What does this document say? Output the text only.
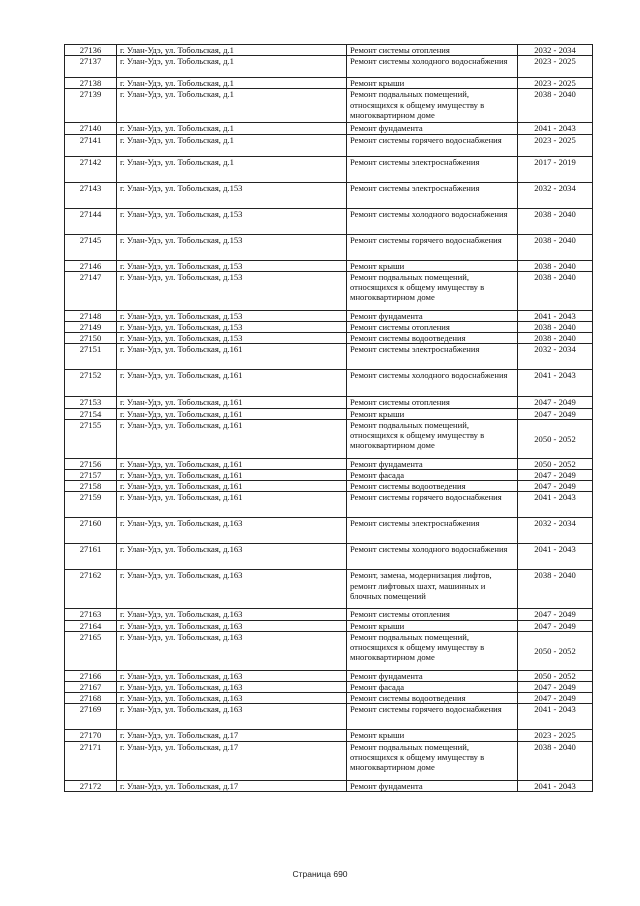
27136	г. Улан-Удэ, ул. Тобольская, д.1	Ремонт системы отопления	2032 - 2034
27137	г. Улан-Удэ, ул. Тобольская, д.1	Ремонт системы холодного водоснабжения	2023 - 2025
27138	г. Улан-Удэ, ул. Тобольская, д.1	Ремонт крыши	2023 - 2025
27139	г. Улан-Удэ, ул. Тобольская, д.1	Ремонт подвальных помещений, относящихся к общему имуществу в многоквартирном доме	2038 - 2040
27140	г. Улан-Удэ, ул. Тобольская, д.1	Ремонт фундамента	2041 - 2043
27141	г. Улан-Удэ, ул. Тобольская, д.1	Ремонт системы горячего водоснабжения	2023 - 2025
27142	г. Улан-Удэ, ул. Тобольская, д.1	Ремонт системы электроснабжения	2017 - 2019
27143	г. Улан-Удэ, ул. Тобольская, д.153	Ремонт системы электроснабжения	2032 - 2034
27144	г. Улан-Удэ, ул. Тобольская, д.153	Ремонт системы холодного водоснабжения	2038 - 2040
27145	г. Улан-Удэ, ул. Тобольская, д.153	Ремонт системы горячего водоснабжения	2038 - 2040
27146	г. Улан-Удэ, ул. Тобольская, д.153	Ремонт крыши	2038 - 2040
27147	г. Улан-Удэ, ул. Тобольская, д.153	Ремонт подвальных помещений, относящихся к общему имуществу в многоквартирном доме	2038 - 2040
27148	г. Улан-Удэ, ул. Тобольская, д.153	Ремонт фундамента	2041 - 2043
27149	г. Улан-Удэ, ул. Тобольская, д.153	Ремонт системы отопления	2038 - 2040
27150	г. Улан-Удэ, ул. Тобольская, д.153	Ремонт системы водоотведения	2038 - 2040
27151	г. Улан-Удэ, ул. Тобольская, д.161	Ремонт системы электроснабжения	2032 - 2034
27152	г. Улан-Удэ, ул. Тобольская, д.161	Ремонт системы холодного водоснабжения	2041 - 2043
27153	г. Улан-Удэ, ул. Тобольская, д.161	Ремонт системы отопления	2047 - 2049
27154	г. Улан-Удэ, ул. Тобольская, д.161	Ремонт крыши	2047 - 2049
27155	г. Улан-Удэ, ул. Тобольская, д.161	Ремонт подвальных помещений, относящихся к общему имуществу в многоквартирном доме	2050 - 2052
27156	г. Улан-Удэ, ул. Тобольская, д.161	Ремонт фундамента	2050 - 2052
27157	г. Улан-Удэ, ул. Тобольская, д.161	Ремонт фасада	2047 - 2049
27158	г. Улан-Удэ, ул. Тобольская, д.161	Ремонт системы водоотведения	2047 - 2049
27159	г. Улан-Удэ, ул. Тобольская, д.161	Ремонт системы горячего водоснабжения	2041 - 2043
27160	г. Улан-Удэ, ул. Тобольская, д.163	Ремонт системы электроснабжения	2032 - 2034
27161	г. Улан-Удэ, ул. Тобольская, д.163	Ремонт системы холодного водоснабжения	2041 - 2043
27162	г. Улан-Удэ, ул. Тобольская, д.163	Ремонт, замена, модернизация лифтов, ремонт лифтовых шахт, машинных и блочных помещений	2038 - 2040
27163	г. Улан-Удэ, ул. Тобольская, д.163	Ремонт системы отопления	2047 - 2049
27164	г. Улан-Удэ, ул. Тобольская, д.163	Ремонт крыши	2047 - 2049
27165	г. Улан-Удэ, ул. Тобольская, д.163	Ремонт подвальных помещений, относящихся к общему имуществу в многоквартирном доме	2050 - 2052
27166	г. Улан-Удэ, ул. Тобольская, д.163	Ремонт фундамента	2050 - 2052
27167	г. Улан-Удэ, ул. Тобольская, д.163	Ремонт фасада	2047 - 2049
27168	г. Улан-Удэ, ул. Тобольская, д.163	Ремонт системы водоотведения	2047 - 2049
27169	г. Улан-Удэ, ул. Тобольская, д.163	Ремонт системы горячего водоснабжения	2041 - 2043
27170	г. Улан-Удэ, ул. Тобольская, д.17	Ремонт крыши	2023 - 2025
27171	г. Улан-Удэ, ул. Тобольская, д.17	Ремонт подвальных помещений, относящихся к общему имуществу в многоквартирном доме	2038 - 2040
27172	г. Улан-Удэ, ул. Тобольская, д.17	Ремонт фундамента	2041 - 2043
Страница 690
